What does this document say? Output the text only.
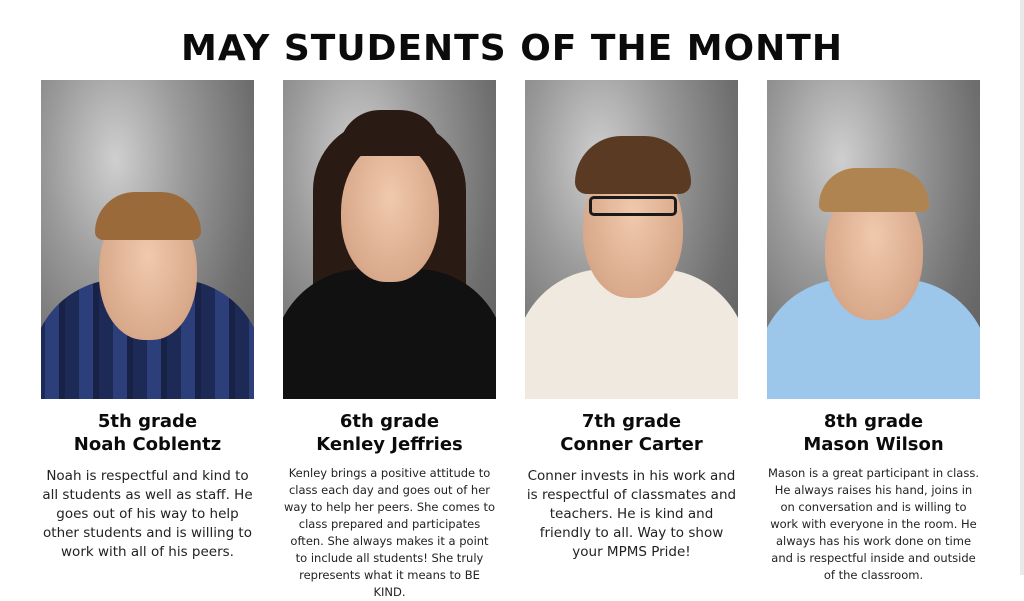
MAY STUDENTS OF THE MONTH
5th grade
Noah Coblentz
Noah is respectful and kind to all students as well as staff. He goes out of his way to help other students and is willing to work with all of his peers.
6th grade
Kenley Jeffries
Kenley brings a positive attitude to class each day and goes out of her way to help her peers. She comes to class prepared and participates often. She always makes it a point to include all students! She truly represents what it means to BE KIND.
7th grade
Conner Carter
Conner invests in his work and is respectful of classmates and teachers. He is kind and friendly to all. Way to show your MPMS Pride!
8th grade
Mason Wilson
Mason is a great participant in class. He always raises his hand, joins in on conversation and is willing to work with everyone in the room. He always has his work done on time and is respectful inside and outside of the classroom.
